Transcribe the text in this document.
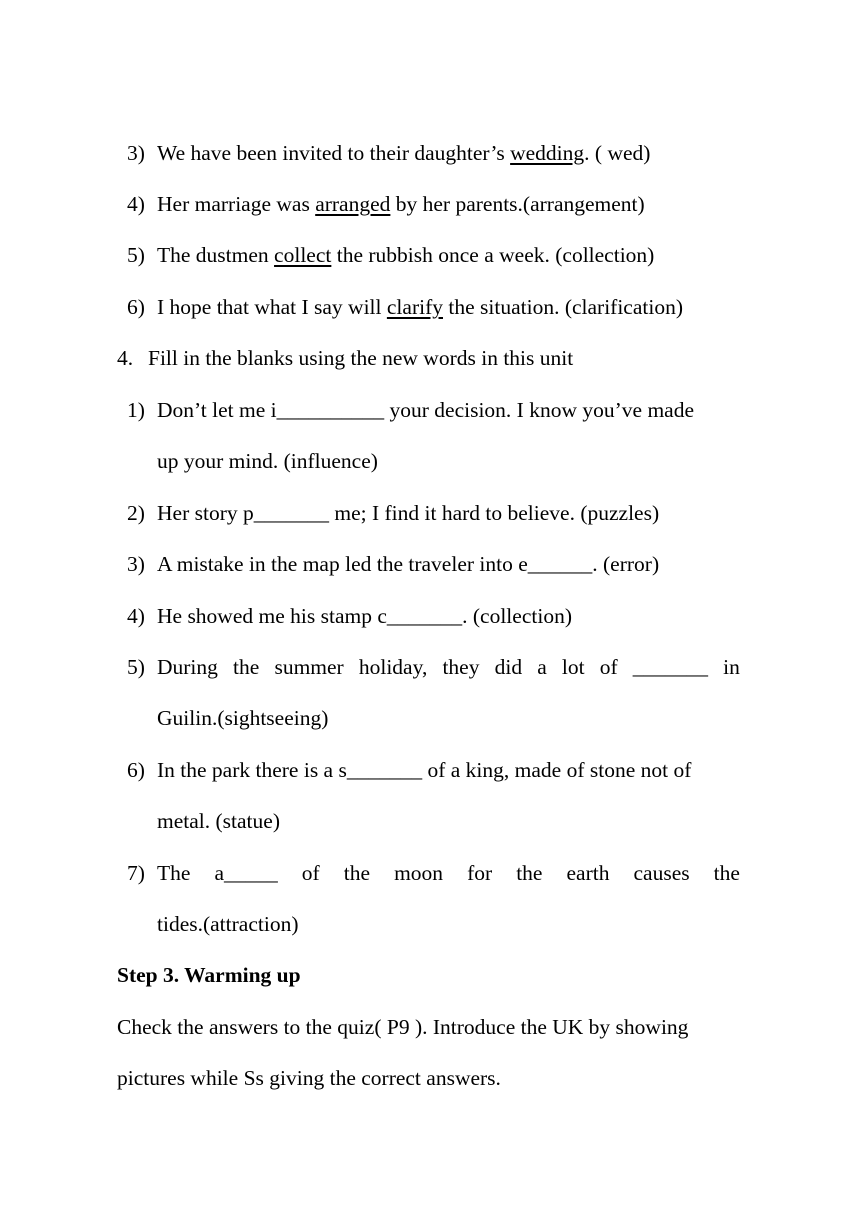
3) We have been invited to their daughter’s wedding. ( wed)
4) Her marriage was arranged by her parents.(arrangement)
5) The dustmen collect the rubbish once a week. (collection)
6) I hope that what I say will clarify the situation. (clarification)
4. Fill in the blanks using the new words in this unit
1) Don’t let me i__________ your decision. I know you’ve made
up your mind. (influence)
2) Her story p_______ me; I find it hard to believe. (puzzles)
3) A mistake in the map led the traveler into e______. (error)
4) He showed me his stamp c_______. (collection)
5) During the summer holiday, they did a lot of _______ in
Guilin.(sightseeing)
6) In the park there is a s_______ of a king, made of stone not of
metal. (statue)
7) The a_____ of the moon for the earth causes the
tides.(attraction)
Step 3. Warming up
Check the answers to the quiz( P9 ). Introduce the UK by showing
pictures while Ss giving the correct answers.
